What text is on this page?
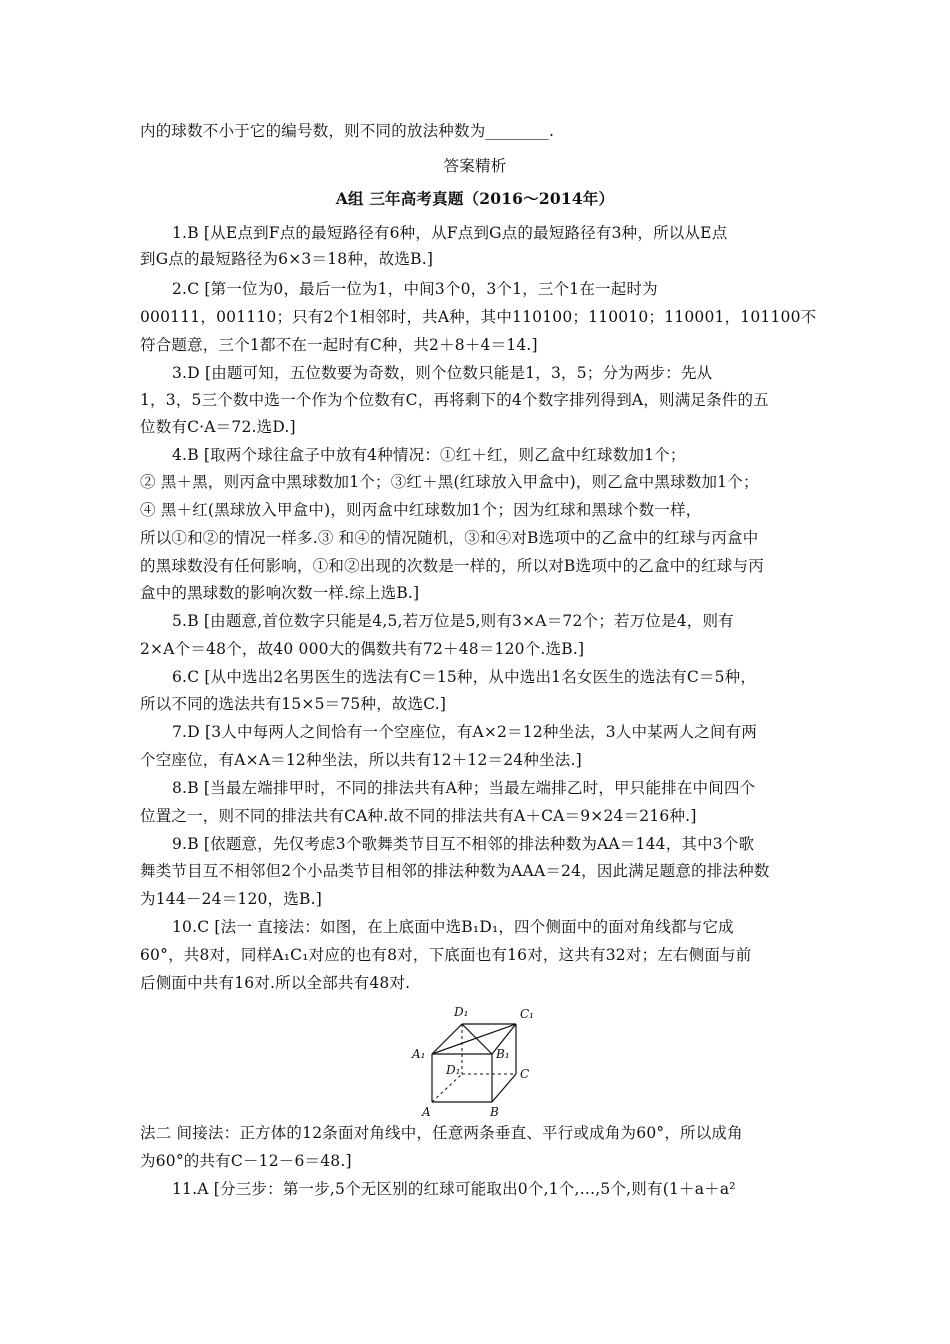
内的球数不小于它的编号数，则不同的放法种数为________.
答案精析
A组 三年高考真题（2016～2014年）
1.B [从E点到F点的最短路径有6种，从F点到G点的最短路径有3种，所以从E点
到G点的最短路径为6×3＝18种，故选B.]
2.C [第一位为0，最后一位为1，中间3个0，3个1，三个1在一起时为
000111，001110；只有2个1相邻时，共A种，其中110100；110010；110001，101100不
符合题意，三个1都不在一起时有C种，共2＋8＋4＝14.]
3.D [由题可知，五位数要为奇数，则个位数只能是1，3，5；分为两步：先从
1，3，5三个数中选一个作为个位数有C，再将剩下的4个数字排列得到A，则满足条件的五
位数有C·A＝72.选D.]
4.B [取两个球往盒子中放有4种情况：①红＋红，则乙盒中红球数加1个；
② 黑＋黑，则丙盒中黑球数加1个；③红＋黑(红球放入甲盒中)，则乙盒中黑球数加1个；
④ 黑＋红(黑球放入甲盒中)，则丙盒中红球数加1个；因为红球和黑球个数一样，
所以①和②的情况一样多.③ 和④的情况随机，③和④对B选项中的乙盒中的红球与丙盒中
的黑球数没有任何影响，①和②出现的次数是一样的，所以对B选项中的乙盒中的红球与丙
盒中的黑球数的影响次数一样.综上选B.]
5.B [由题意,首位数字只能是4,5,若万位是5,则有3×A＝72个；若万位是4，则有
2×A个＝48个，故40 000大的偶数共有72＋48＝120个.选B.]
6.C [从中选出2名男医生的选法有C＝15种，从中选出1名女医生的选法有C＝5种，
所以不同的选法共有15×5＝75种，故选C.]
7.D [3人中每两人之间恰有一个空座位，有A×2＝12种坐法，3人中某两人之间有两
个空座位，有A×A＝12种坐法，所以共有12＋12＝24种坐法.]
8.B [当最左端排甲时，不同的排法共有A种；当最左端排乙时，甲只能排在中间四个
位置之一，则不同的排法共有CA种.故不同的排法共有A＋CA＝9×24＝216种.]
9.B [依题意，先仅考虑3个歌舞类节目互不相邻的排法种数为AA＝144，其中3个歌
舞类节目互不相邻但2个小品类节目相邻的排法种数为AAA＝24，因此满足题意的排法种数
为144－24＝120，选B.]
10.C [法一 直接法：如图，在上底面中选B₁D₁，四个侧面中的面对角线都与它成
60°，共8对，同样A₁C₁对应的也有8对，下底面也有16对，这共有32对；左右侧面与前
后侧面中共有16对.所以全部共有48对.
D₁	C₁
A₁	B₁
D₁	C
A	B
法二 间接法：正方体的12条面对角线中，任意两条垂直、平行或成角为60°，所以成角
为60°的共有C－12－6＝48.]
11.A [分三步：第一步,5个无区别的红球可能取出0个,1个,…,5个,则有(1＋a＋a²
